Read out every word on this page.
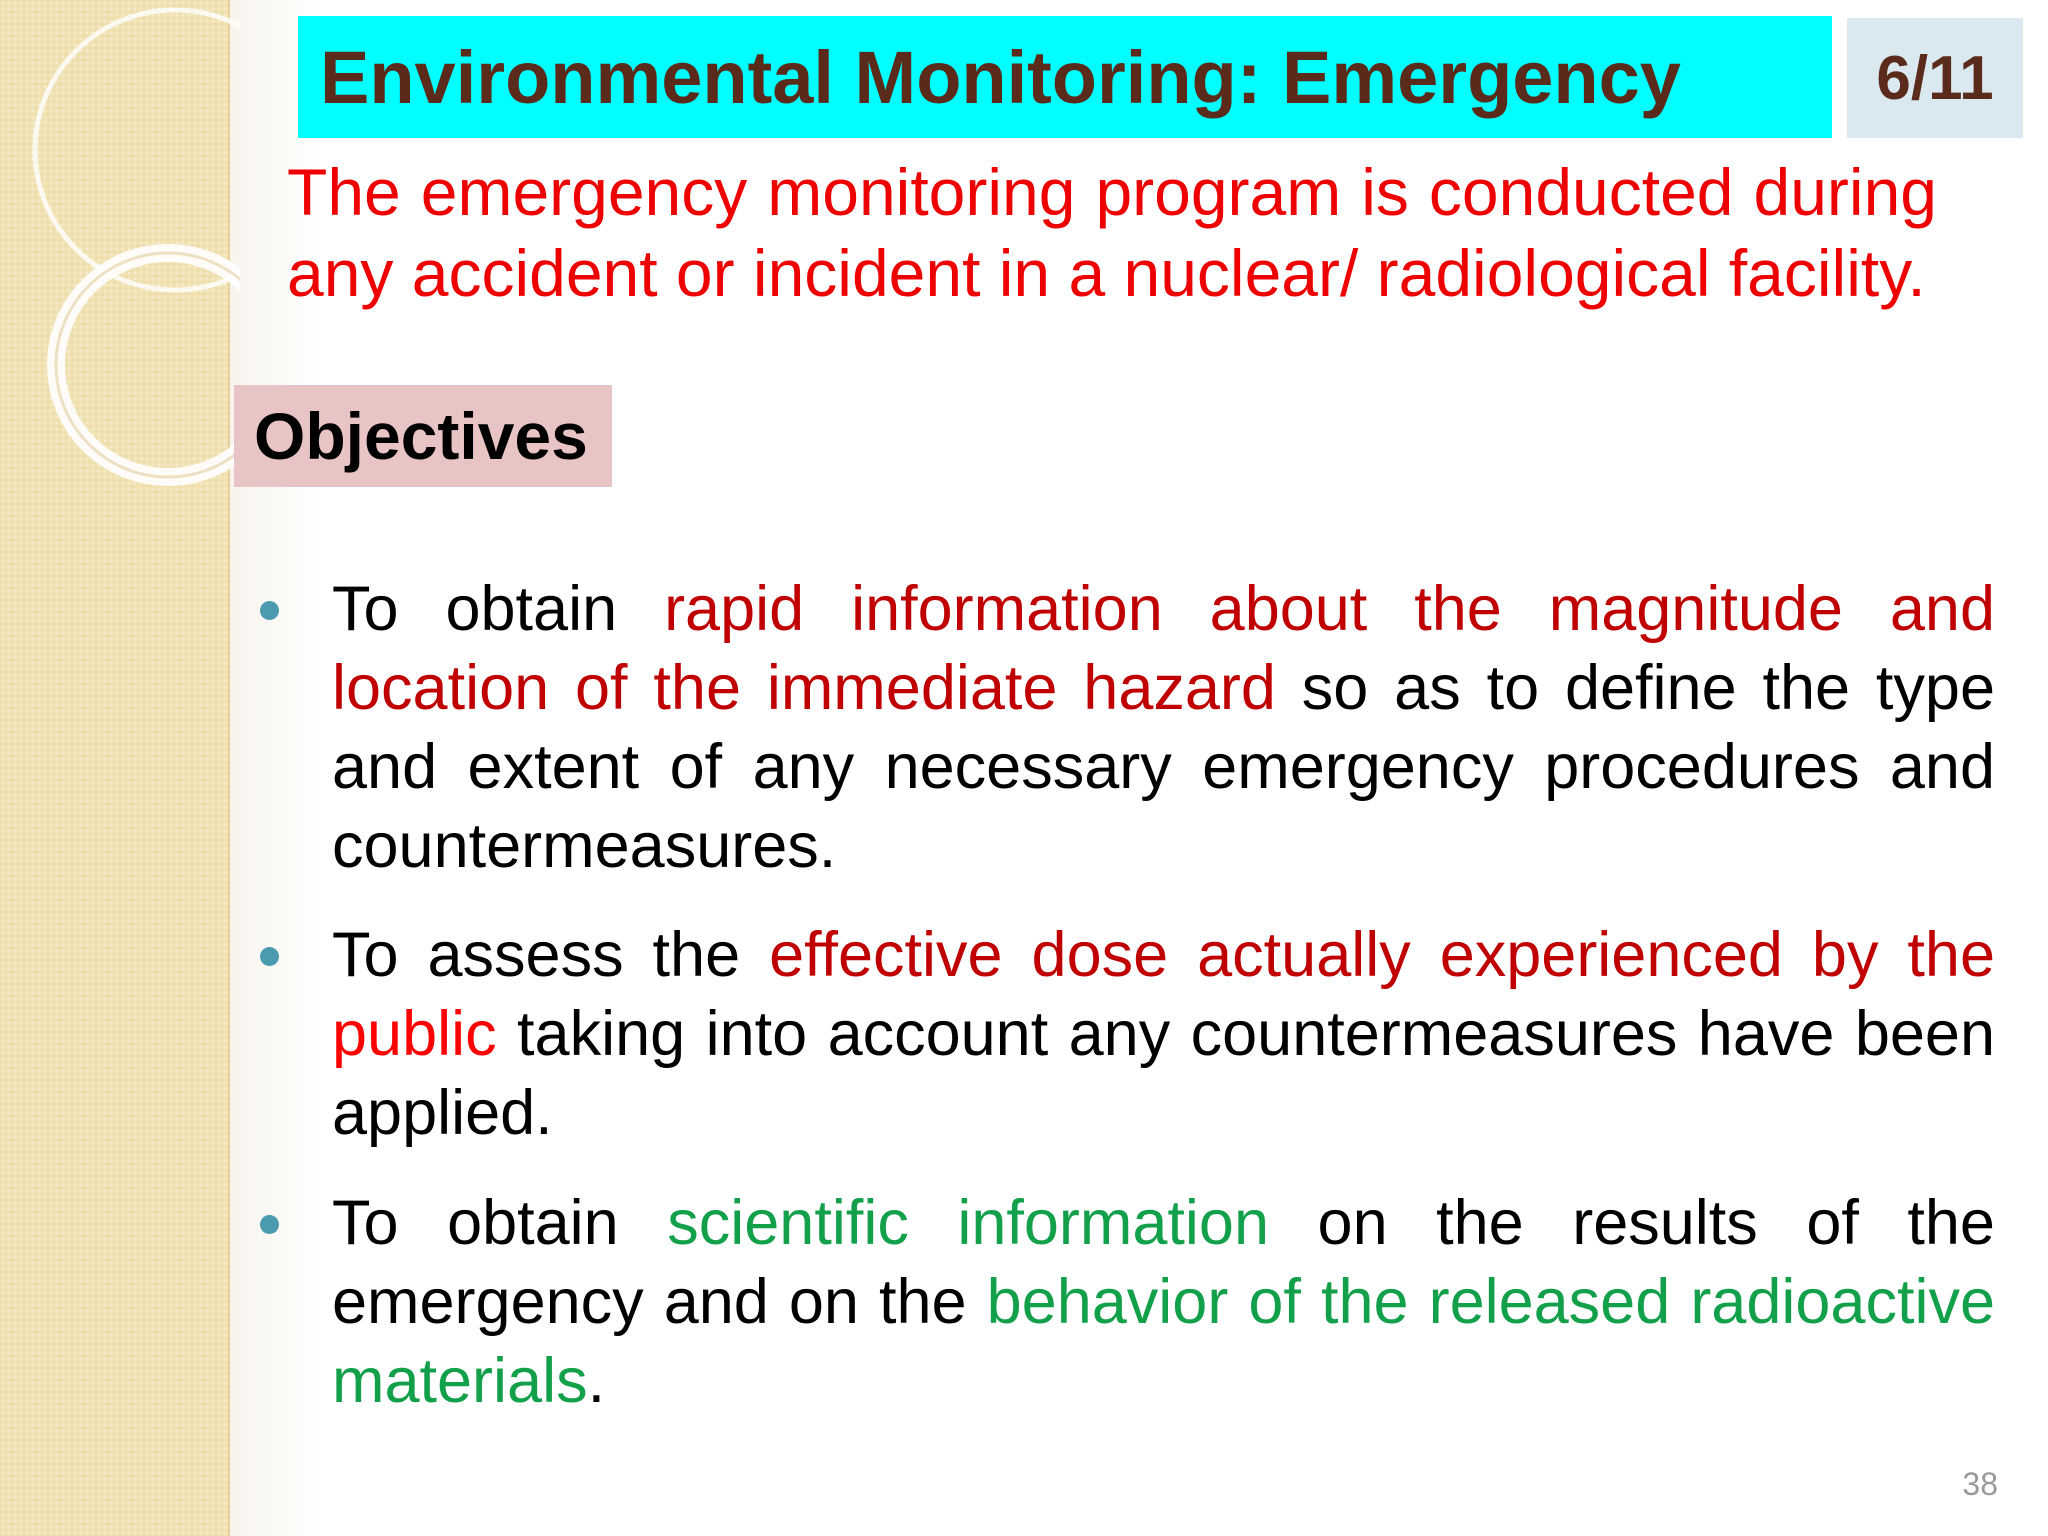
Environmental Monitoring: Emergency	6/11

The emergency monitoring program is conducted during any accident or incident in a nuclear/ radiological facility.

Objectives

To obtain rapid information about the magnitude and location of the immediate hazard so as to define the type and extent of any necessary emergency procedures and countermeasures.

To assess the effective dose actually experienced by the public taking into account any countermeasures have been applied.

To obtain scientific information on the results of the emergency and on the behavior of the released radioactive materials.

38
